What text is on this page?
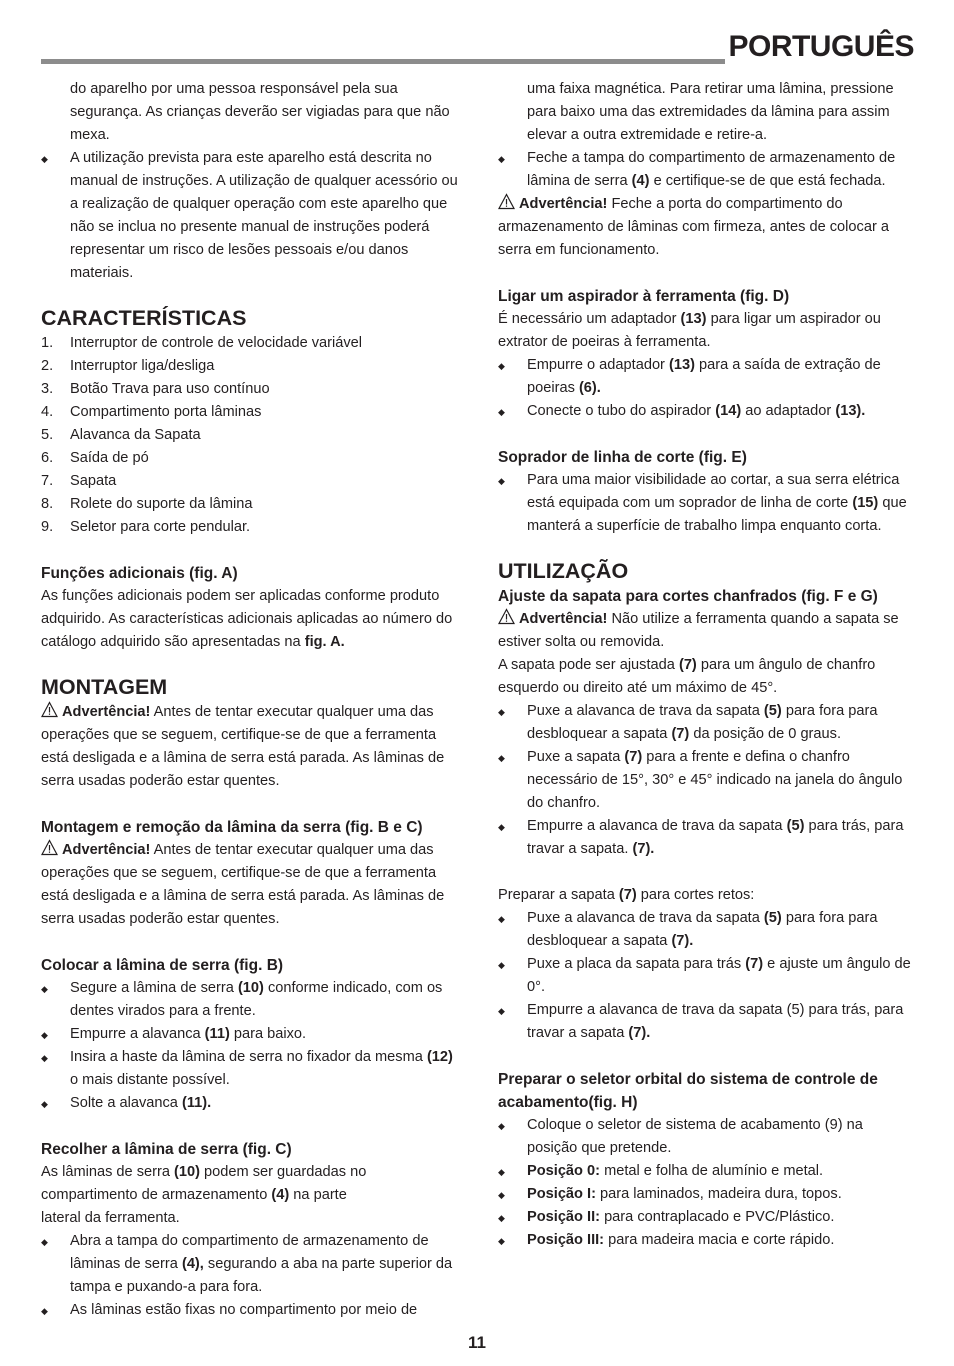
PORTUGUÊS

do aparelho por uma pessoa responsável pela sua segurança. As crianças deverão ser vigiadas para que não mexa.

◆ A utilização prevista para este aparelho está descrita no manual de instruções. A utilização de qualquer acessório ou a realização de qualquer operação com este aparelho que não se inclua no presente manual de instruções poderá representar um risco de lesões pessoais e/ou danos materiais.
CARACTERÍSTICAS
1. Interruptor de controle de velocidade variável
2. Interruptor liga/desliga
3. Botão Trava para uso contínuo
4. Compartimento porta lâminas
5. Alavanca da Sapata
6. Saída de pó
7. Sapata
8. Rolete do suporte da lâmina
9. Seletor para corte pendular.
Funções adicionais (fig. A)

As funções adicionais podem ser aplicadas conforme produto adquirido. As características adicionais aplicadas ao número do catálogo adquirido são apresentadas na fig. A.

MONTAGEM

Advertência! Antes de tentar executar qualquer uma das operações que se seguem, certifique-se de que a ferramenta está desligada e a lâmina de serra está parada. As lâminas de serra usadas poderão estar quentes.

Montagem e remoção da lâmina da serra (fig. B e C)

Advertência! Antes de tentar executar qualquer uma das operações que se seguem, certifique-se de que a ferramenta está desligada e a lâmina de serra está parada. As lâminas de serra usadas poderão estar quentes.

Colocar a lâmina de serra (fig. B)
◆ Segure a lâmina de serra (10) conforme indicado, com os dentes virados para a frente.
◆ Empurre a alavanca (11) para baixo.
◆ Insira a haste da lâmina de serra no fixador da mesma (12) o mais distante possível.
◆ Solte a alavanca (11).
Recolher a lâmina de serra (fig. C)

As lâminas de serra (10) podem ser guardadas no compartimento de armazenamento (4) na parte lateral da ferramenta.

◆ Abra a tampa do compartimento de armazenamento de lâminas de serra (4), segurando a aba na parte superior da tampa e puxando-a para fora.
◆ As lâminas estão fixas no compartimento por meio de

uma faixa magnética. Para retirar uma lâmina, pressione para baixo uma das extremidades da lâmina para assim elevar a outra extremidade e retire-a.

◆ Feche a tampa do compartimento de armazenamento de lâmina de serra (4) e certifique-se de que está fechada.

Advertência! Feche a porta do compartimento do armazenamento de lâminas com firmeza, antes de colocar a serra em funcionamento.

Ligar um aspirador à ferramenta (fig. D)

É necessário um adaptador (13) para ligar um aspirador ou extrator de poeiras à ferramenta.

◆ Empurre o adaptador (13) para a saída de extração de poeiras (6).
◆ Conecte o tubo do aspirador (14) ao adaptador (13).
Soprador de linha de corte (fig. E)
◆ Para uma maior visibilidade ao cortar, a sua serra elétrica está equipada com um soprador de linha de corte (15) que manterá a superfície de trabalho limpa enquanto corta.
UTILIZAÇÃO
Ajuste da sapata para cortes chanfrados (fig. F e G)

Advertência! Não utilize a ferramenta quando a sapata se estiver solta ou removida.

A sapata pode ser ajustada (7) para um ângulo de chanfro esquerdo ou direito até um máximo de 45°.

◆ Puxe a alavanca de trava da sapata (5) para fora para desbloquear a sapata (7) da posição de 0 graus.
◆ Puxe a sapata (7) para a frente e defina o chanfro necessário de 15°, 30° e 45° indicado na janela do ângulo do chanfro.
◆ Empurre a alavanca de trava da sapata (5) para trás, para travar a sapata. (7).

Preparar a sapata (7) para cortes retos:

◆ Puxe a alavanca de trava da sapata (5) para fora para desbloquear a sapata (7).
◆ Puxe a placa da sapata para trás (7) e ajuste um ângulo de 0°.
◆ Empurre a alavanca de trava da sapata (5) para trás, para travar a sapata (7).
Preparar o seletor orbital do sistema de controle de acabamento(fig. H)
◆ Coloque o seletor de sistema de acabamento (9) na posição que pretende.
◆ Posição 0: metal e folha de alumínio e metal.
◆ Posição I: para laminados, madeira dura, topos.
◆ Posição II: para contraplacado e PVC/Plástico.
◆ Posição III: para madeira macia e corte rápido.
11
